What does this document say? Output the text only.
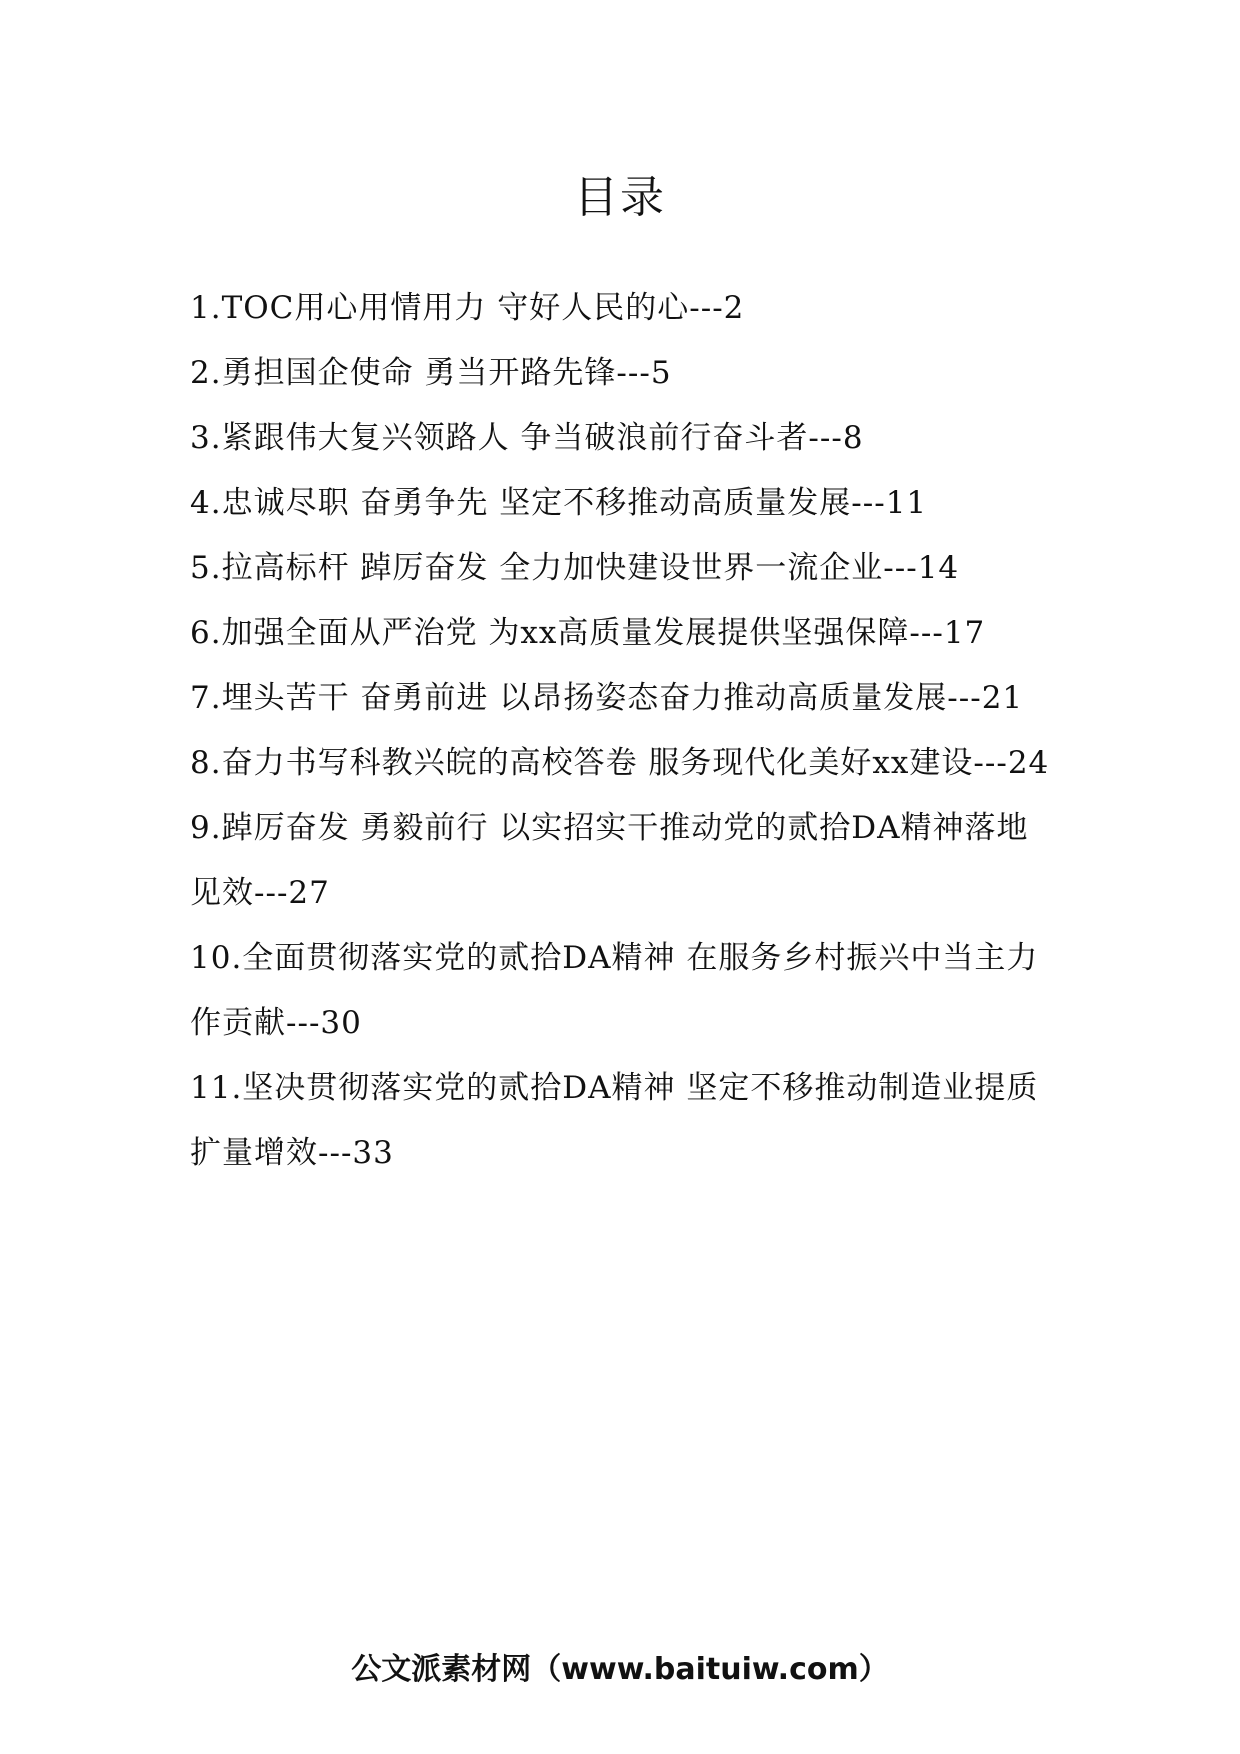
目录
1.TOC用心用情用力 守好人民的心---2
2.勇担国企使命 勇当开路先锋---5
3.紧跟伟大复兴领路人 争当破浪前行奋斗者---8
4.忠诚尽职 奋勇争先 坚定不移推动高质量发展---11
5.拉高标杆 踔厉奋发 全力加快建设世界一流企业---14
6.加强全面从严治党 为xx高质量发展提供坚强保障---17
7.埋头苦干 奋勇前进 以昂扬姿态奋力推动高质量发展---21
8.奋力书写科教兴皖的高校答卷 服务现代化美好xx建设---24
9.踔厉奋发 勇毅前行 以实招实干推动党的贰拾DA精神落地见效---27
10.全面贯彻落实党的贰拾DA精神 在服务乡村振兴中当主力作贡献---30
11.坚决贯彻落实党的贰拾DA精神 坚定不移推动制造业提质扩量增效---33
公文派素材网（www.baituiw.com）
